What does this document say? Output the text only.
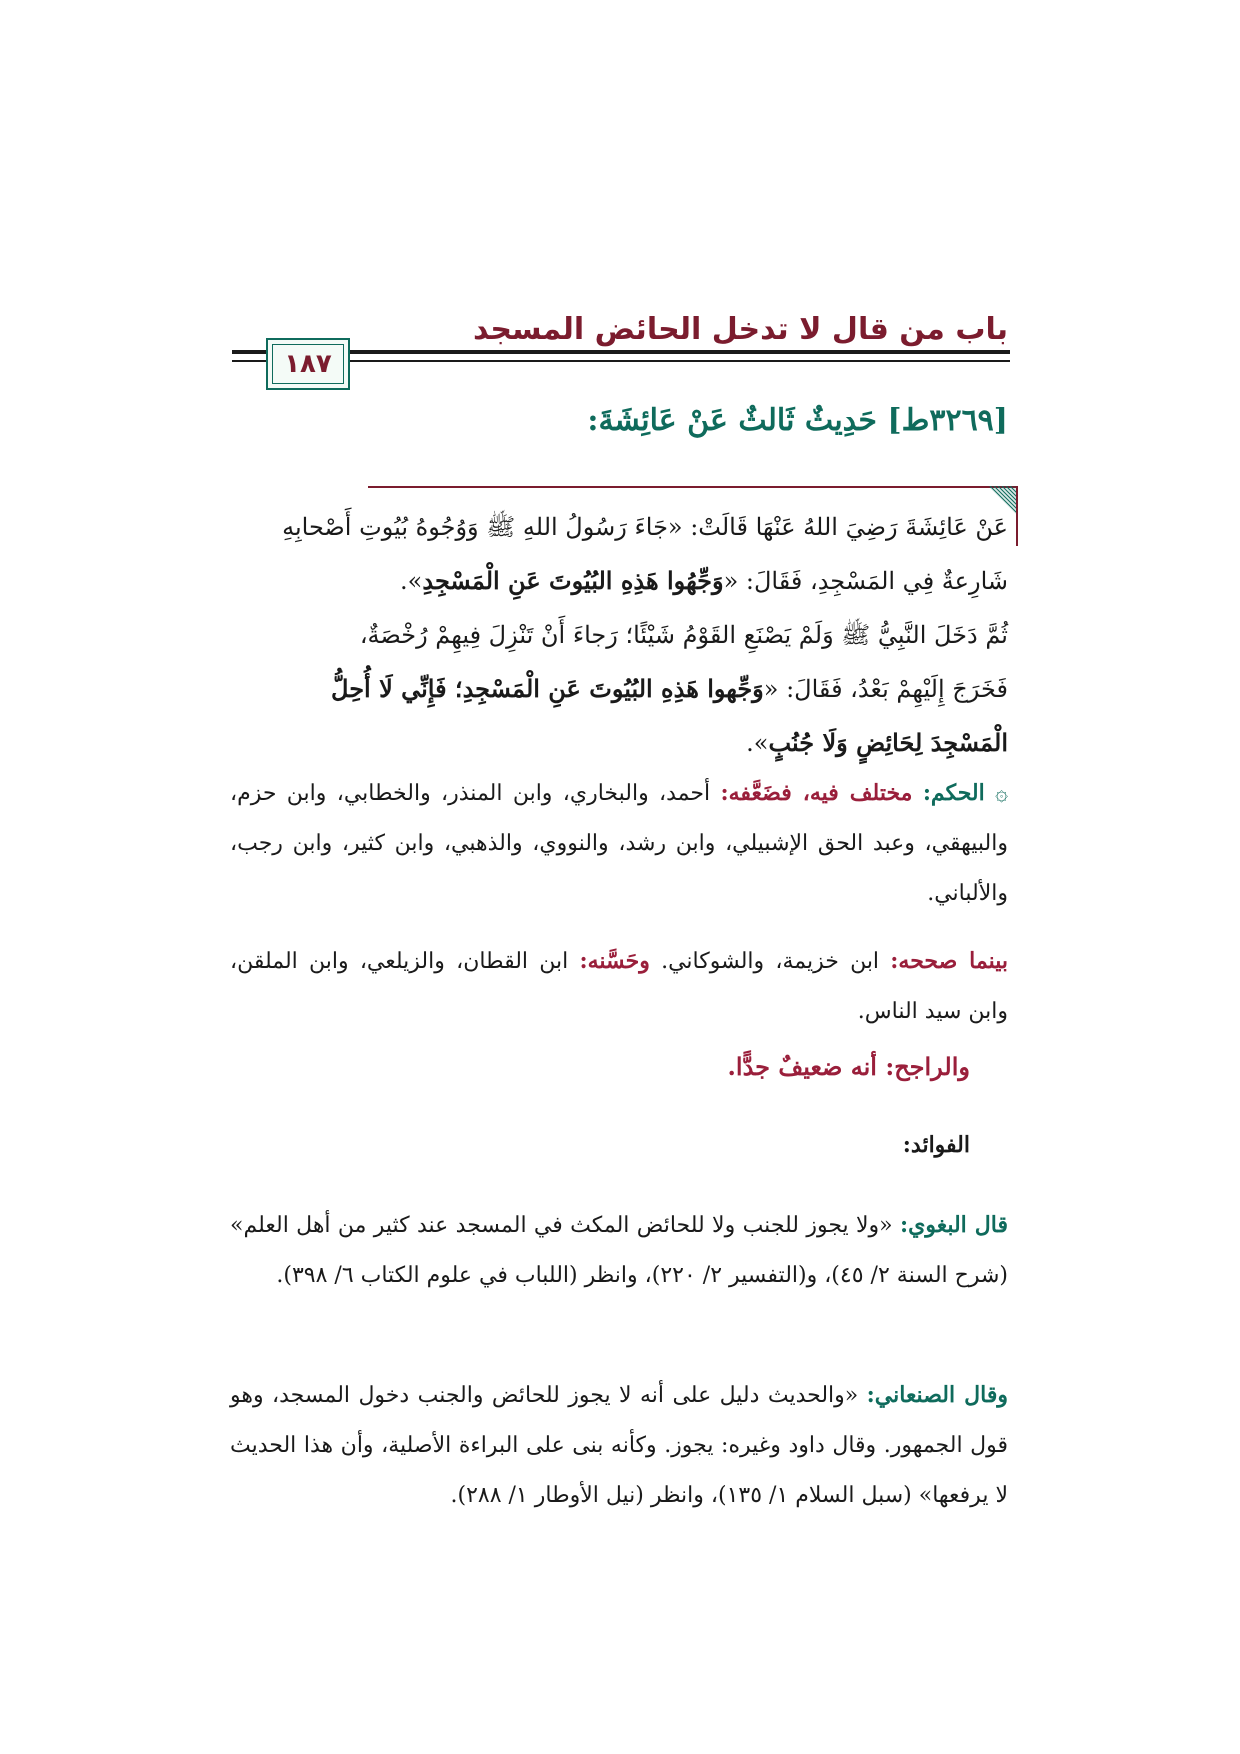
باب من قال لا تدخل الحائض المسجد
١٨٧
[٣٢٦٩ط] حَدِيثٌ ثَالثٌ عَنْ عَائِشَةَ:

عَنْ عَائِشَةَ رَضِيَ اللهُ عَنْهَا قَالَتْ: «جَاءَ رَسُولُ اللهِ ﷺ وَوُجُوهُ بُيُوتِ أَصْحابِهِ

شَارِعةٌ فِي المَسْجِدِ، فَقَالَ: «وَجِّهُوا هَذِهِ البُيُوتَ عَنِ الْمَسْجِدِ».

ثُمَّ دَخَلَ النَّبِيُّ ﷺ وَلَمْ يَصْنَعِ القَوْمُ شَيْئًا؛ رَجاءَ أَنْ تَنْزِلَ فِيهِمْ رُخْصَةٌ،

فَخَرَجَ إِلَيْهِمْ بَعْدُ، فَقَالَ: «وَجِّهوا هَذِهِ البُيُوتَ عَنِ الْمَسْجِدِ؛ فَإِنِّي لَا أُحِلُّ

الْمَسْجِدَ لِحَائِضٍ وَلَا جُنُبٍ».

۞ الحكم: مختلف فيه، فضَعَّفه: أحمد، والبخاري، وابن المنذر، والخطابي، وابن حزم، والبيهقي، وعبد الحق الإشبيلي، وابن رشد، والنووي، والذهبي، وابن كثير، وابن رجب، والألباني.

بينما صححه: ابن خزيمة، والشوكاني. وحَسَّنه: ابن القطان، والزيلعي، وابن الملقن، وابن سيد الناس.

والراجح: أنه ضعيفٌ جدًّا.
الفوائد:

قال البغوي: «ولا يجوز للجنب ولا للحائض المكث في المسجد عند كثير من أهل العلم» (شرح السنة ٢/ ٤٥)، و(التفسير ٢/ ٢٢٠)، وانظر (اللباب في علوم الكتاب ٦/ ٣٩٨).

وقال الصنعاني: «والحديث دليل على أنه لا يجوز للحائض والجنب دخول المسجد، وهو قول الجمهور. وقال داود وغيره: يجوز. وكأنه بنى على البراءة الأصلية، وأن هذا الحديث لا يرفعها» (سبل السلام ١/ ١٣٥)، وانظر (نيل الأوطار ١/ ٢٨٨).
